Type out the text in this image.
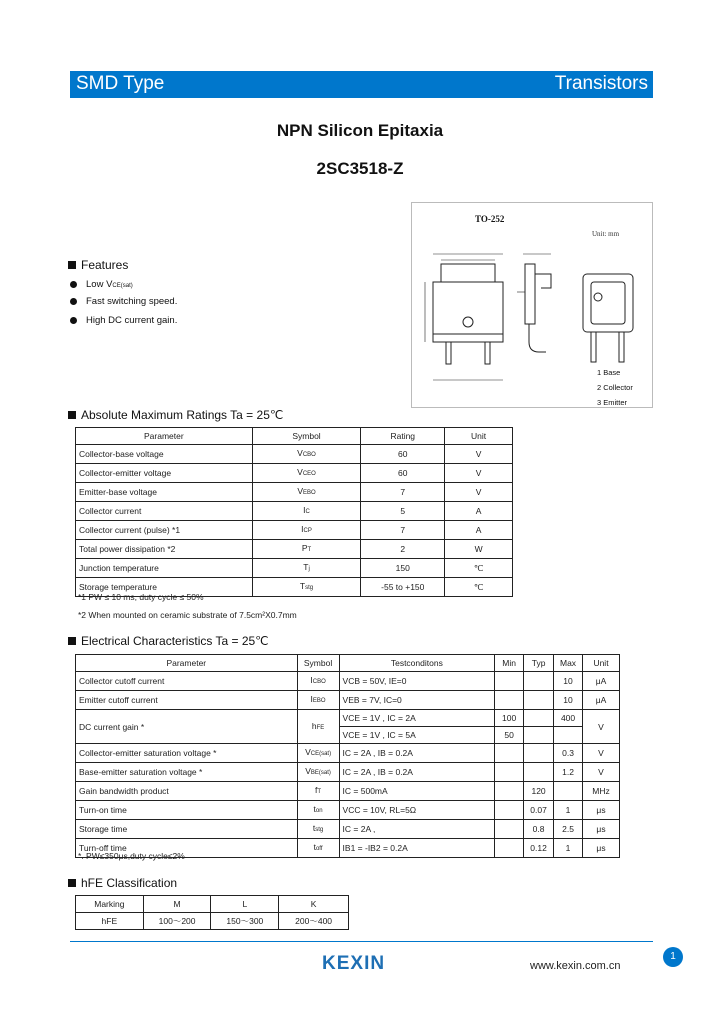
SMD Type	Transistors
NPN Silicon Epitaxia
2SC3518-Z
Features
Low VCE(sat)
Fast switching speed.
High DC current gain.
TO-252
Unit: mm
1 Base
2 Collector
3 Emitter
Absolute Maximum Ratings Ta = 25℃
Parameter	Symbol	Rating	Unit
Collector-base voltage	VCBO	60	V
Collector-emitter voltage	VCEO	60	V
Emitter-base voltage	VEBO	7	V
Collector current	IC	5	A
Collector current (pulse) *1	ICP	7	A
Total power dissipation *2	PT	2	W
Junction temperature	Tj	150	℃
Storage temperature	Tstg	-55 to +150	℃
*1 PW ≤ 10 ms, duty cycle ≤ 50%
*2 When mounted on ceramic substrate of 7.5cm²X0.7mm
Electrical Characteristics Ta = 25℃
Parameter	Symbol	Testconditons	Min	Typ	Max	Unit
Collector cutoff current	ICBO	VCB = 50V, IE=0			10	μA
Emitter cutoff current	IEBO	VEB = 7V, IC=0			10	μA
DC current gain *	hFE	VCE = 1V , IC = 2A	100		400	V
		VCE = 1V , IC = 5A	50			
Collector-emitter saturation voltage *	VCE(sat)	IC = 2A , IB = 0.2A			0.3	V
Base-emitter saturation voltage *	VBE(sat)	IC = 2A , IB = 0.2A			1.2	V
Gain bandwidth product	fT	IC = 500mA		120		MHz
Turn-on time	ton	VCC = 10V, RL=5Ω		0.07	1	μs
Storage time	tstg	IC = 2A ,		0.8	2.5	μs
Turn-off time	toff	IB1 = -IB2 = 0.2A		0.12	1	μs
*. PW≤350μs,duty cycle≤2%
hFE Classification
Marking	M	L	K
hFE	100～200	150～300	200～400
KEXIN	www.kexin.com.cn
1
